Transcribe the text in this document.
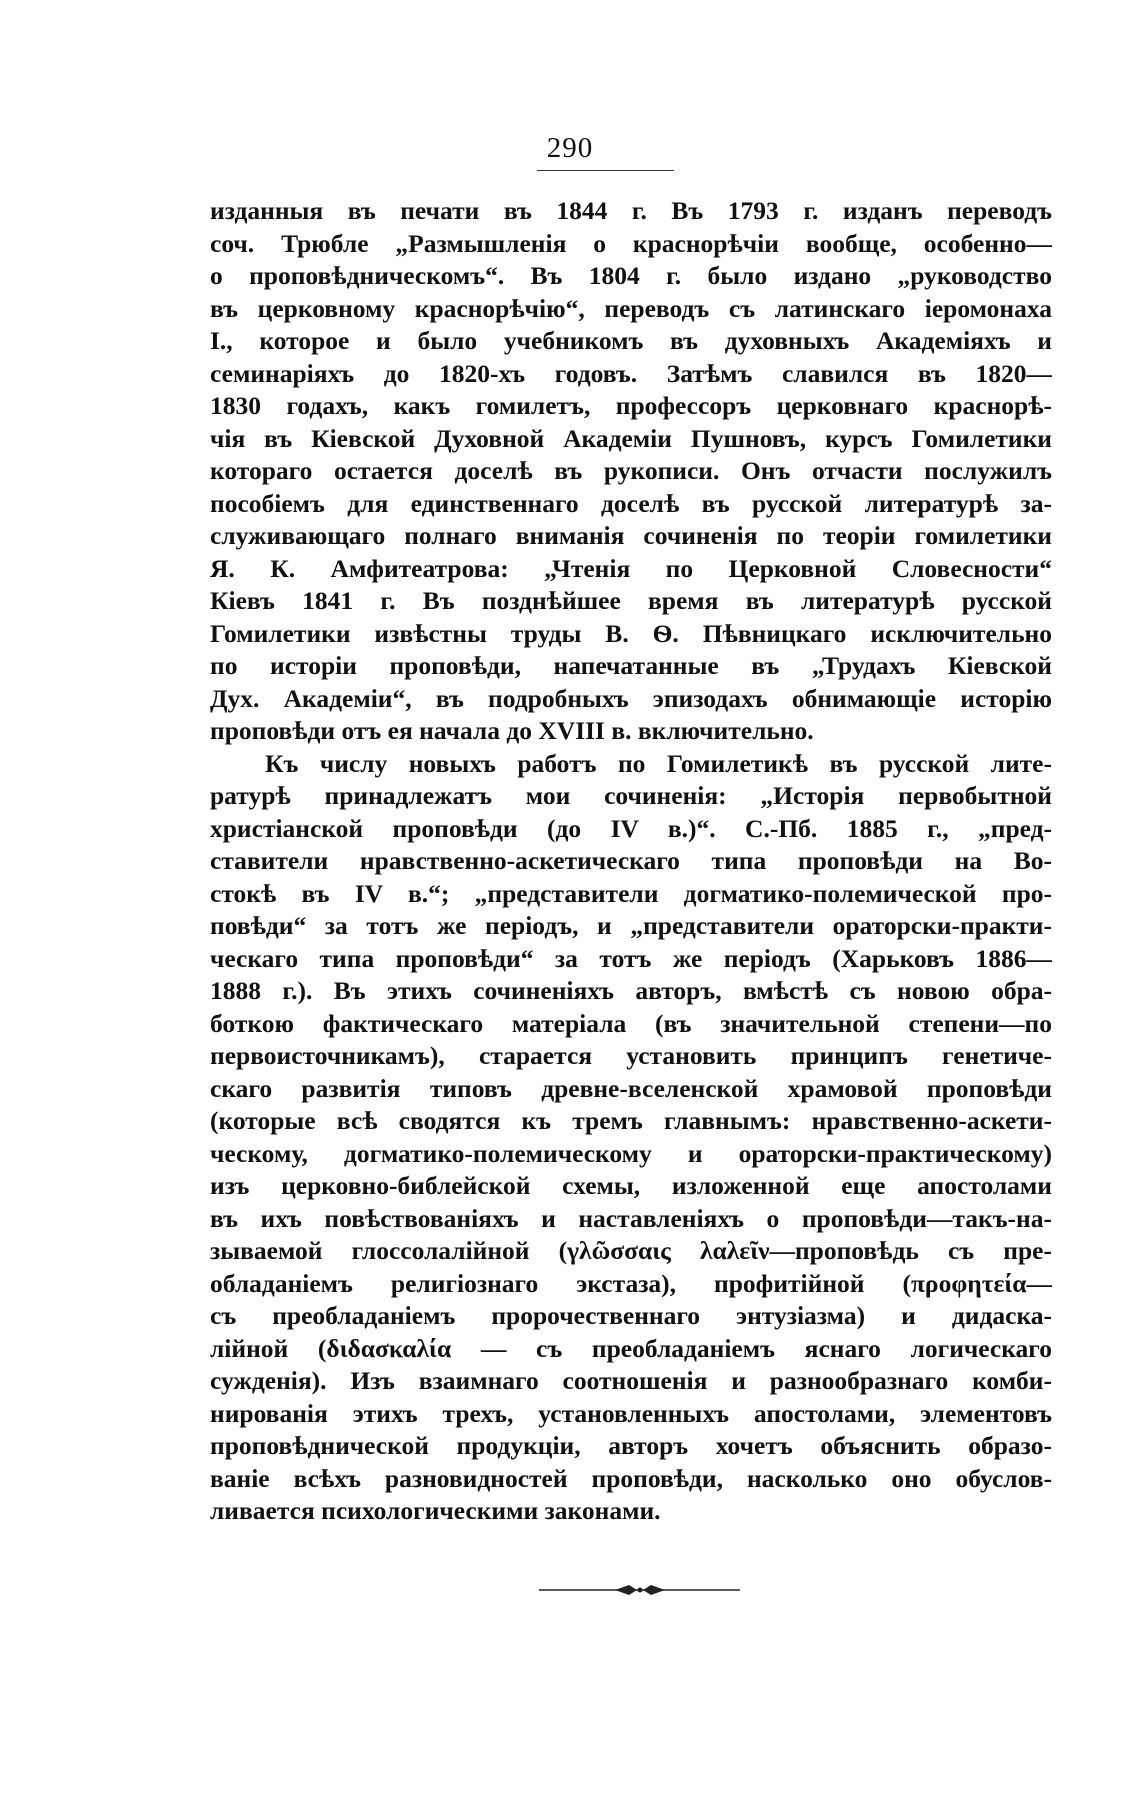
290
изданныя въ печати въ 1844 г. Въ 1793 г. изданъ переводъ
соч. Трюбле „Размышленія о краснорѣчіи вообще, особенно—
о проповѣдническомъ“. Въ 1804 г. было издано „руководство
въ церковному краснорѣчію“, переводъ съ латинскаго іеромонаха
І., которое и было учебникомъ въ духовныхъ Академіяхъ и
семинаріяхъ до 1820-хъ годовъ. Затѣмъ славился въ 1820—
1830 годахъ, какъ гомилетъ, профессоръ церковнаго краснорѣ-
чія въ Кіевской Духовной Академіи Пушновъ, курсъ Гомилетики
котораго остается доселѣ въ рукописи. Онъ отчасти послужилъ
пособіемъ для единственнаго доселѣ въ русской литературѣ за-
служивающаго полнаго вниманія сочиненія по теоріи гомилетики
Я. К. Амфитеатрова: „Чтенія по Церковной Словесности“
Кіевъ 1841 г. Въ позднѣйшее время въ литературѣ русской
Гомилетики извѣстны труды В. Ѳ. Пѣвницкаго исключительно
по исторіи проповѣди, напечатанные въ „Трудахъ Кіевской
Дух. Академіи“, въ подробныхъ эпизодахъ обнимающіе исторію
проповѣди отъ ея начала до XVIII в. включительно.
Къ числу новыхъ работъ по Гомилетикѣ въ русской лите-
ратурѣ принадлежатъ мои сочиненія: „Исторія первобытной
христіанской проповѣди (до IV в.)“. С.-Пб. 1885 г., „пред-
ставители нравственно-аскетическаго типа проповѣди на Во-
стокѣ въ IV в.“; „представители догматико-полемической про-
повѣди“ за тотъ же періодъ, и „представители ораторски-практи-
ческаго типа проповѣди“ за тотъ же періодъ (Харьковъ 1886—
1888 г.). Въ этихъ сочиненіяхъ авторъ, вмѣстѣ съ новою обра-
боткою фактическаго матеріала (въ значительной степени—по
первоисточникамъ), старается установить принципъ генетиче-
скаго развитія типовъ древне-вселенской храмовой проповѣди
(которые всѣ сводятся къ тремъ главнымъ: нравственно-аскети-
ческому, догматико-полемическому и ораторски-практическому)
изъ церковно-библейской схемы, изложенной еще апостолами
въ ихъ повѣствованіяхъ и наставленіяхъ о проповѣди—такъ-на-
зываемой глоссолалійной (γλῶσσαις λαλεῖν—проповѣдь съ пре-
обладаніемъ религіознаго экстаза), профитійной (προφητεία—
съ преобладаніемъ пророчественнаго энтузіазма) и дидаска-
лійной (διδασκαλία — съ преобладаніемъ яснаго логическаго
сужденія). Изъ взаимнаго соотношенія и разнообразнаго комби-
нированія этихъ трехъ, установленныхъ апостолами, элементовъ
проповѣднической продукціи, авторъ хочетъ объяснить образо-
ваніе всѣхъ разновидностей проповѣди, насколько оно обуслов-
ливается психологическими законами.
